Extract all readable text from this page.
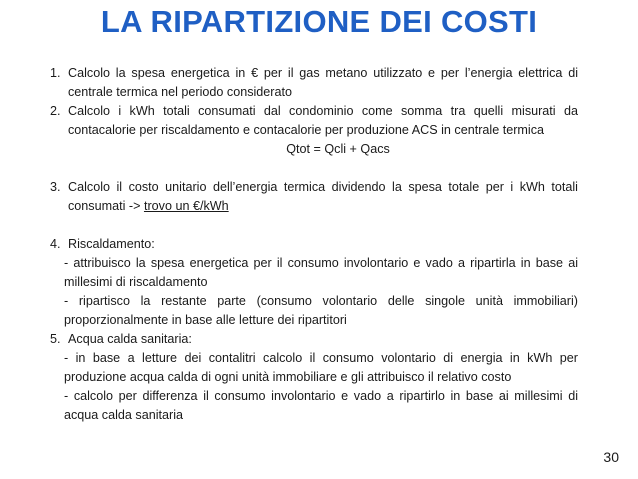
LA RIPARTIZIONE DEI COSTI
1. Calcolo la spesa energetica in € per il gas metano utilizzato e per l’energia elettrica di centrale termica nel periodo considerato
2. Calcolo i kWh totali consumati dal condominio come somma tra quelli misurati da contacalorie per riscaldamento e contacalorie per produzione ACS in centrale termica
Qtot = Qcli + Qacs
3. Calcolo il costo unitario dell’energia termica dividendo la spesa totale per i kWh totali consumati -> trovo un €/kWh
4. Riscaldamento:
- attribuisco la spesa energetica per il consumo involontario e vado a ripartirla in base ai millesimi di riscaldamento
- ripartisco la restante parte (consumo volontario delle singole unità immobiliari) proporzionalmente in base alle letture dei ripartitori
5. Acqua calda sanitaria:
- in base a letture dei contalitri calcolo il consumo volontario di energia in kWh per produzione acqua calda di ogni unità immobiliare e gli attribuisco il relativo costo
- calcolo per differenza il consumo involontario e vado a ripartirlo in base ai millesimi di acqua calda sanitaria
30
